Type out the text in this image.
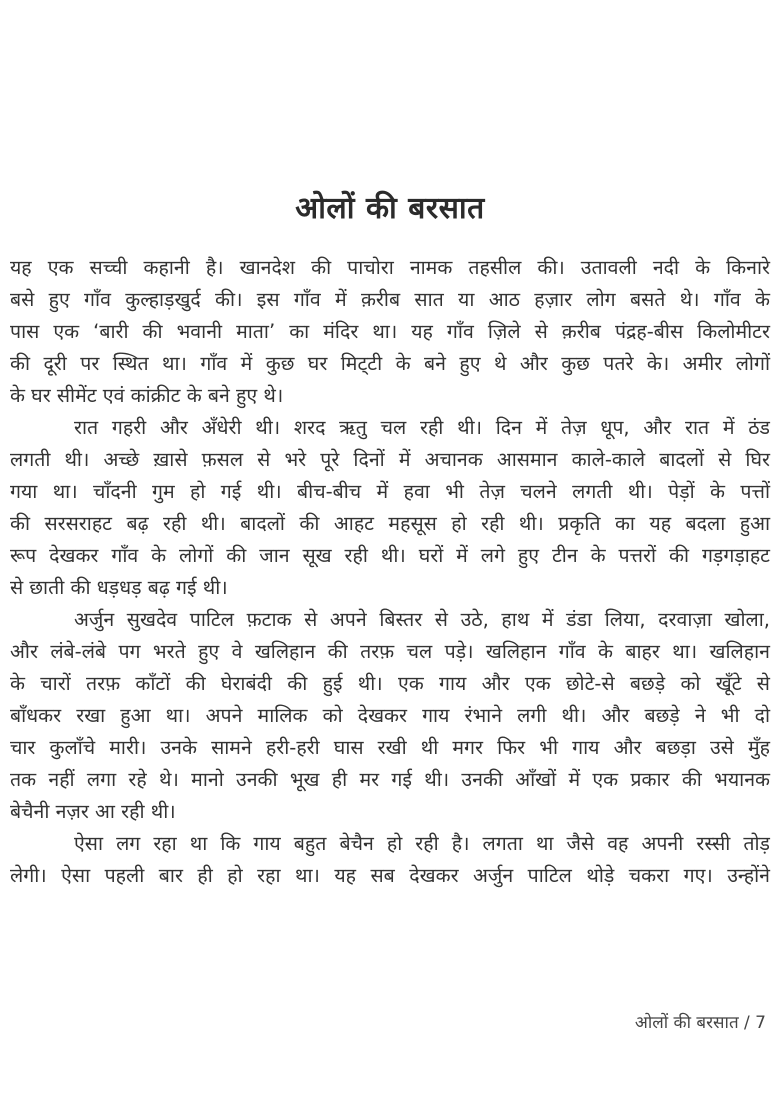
ओलों की बरसात
यह एक सच्ची कहानी है। खानदेश की पाचोरा नामक तहसील की। उतावली नदी के किनारे
बसे हुए गाँव कुल्हाड़खुर्द की। इस गाँव में क़रीब सात या आठ हज़ार लोग बसते थे। गाँव के
पास एक ‘बारी की भवानी माता’ का मंदिर था। यह गाँव ज़िले से क़रीब पंद्रह-बीस किलोमीटर
की दूरी पर स्थित था। गाँव में कुछ घर मिट्‌टी के बने हुए थे और कुछ पतरे के। अमीर लोगों
के घर सीमेंट एवं कांक्रीट के बने हुए थे।
रात गहरी और अँधेरी थी। शरद ऋतु चल रही थी। दिन में तेज़ धूप, और रात में ठंड
लगती थी। अच्छे ख़ासे फ़सल से भरे पूरे दिनों में अचानक आसमान काले-काले बादलों से घिर
गया था। चाँदनी गुम हो गई थी। बीच-बीच में हवा भी तेज़ चलने लगती थी। पेड़ों के पत्तों
की सरसराहट बढ़ रही थी। बादलों की आहट महसूस हो रही थी। प्रकृति का यह बदला हुआ
रूप देखकर गाँव के लोगों की जान सूख रही थी। घरों में लगे हुए टीन के पत्तरों की गड़गड़ाहट
से छाती की धड़धड़ बढ़ गई थी।
अर्जुन सुखदेव पाटिल फ़टाक से अपने बिस्तर से उठे, हाथ में डंडा लिया, दरवाज़ा खोला,
और लंबे-लंबे पग भरते हुए वे खलिहान की तरफ़ चल पड़े। खलिहान गाँव के बाहर था। खलिहान
के चारों तरफ़ काँटों की घेराबंदी की हुई थी। एक गाय और एक छोटे-से बछड़े को खूँटे से
बाँधकर रखा हुआ था। अपने मालिक को देखकर गाय रंभाने लगी थी। और बछड़े ने भी दो
चार कुलाँचे मारी। उनके सामने हरी-हरी घास रखी थी मगर फिर भी गाय और बछड़ा उसे मुँह
तक नहीं लगा रहे थे। मानो उनकी भूख ही मर गई थी। उनकी आँखों में एक प्रकार की भयानक
बेचैनी नज़र आ रही थी।
ऐसा लग रहा था कि गाय बहुत बेचैन हो रही है। लगता था जैसे वह अपनी रस्सी तोड़
लेगी। ऐसा पहली बार ही हो रहा था। यह सब देखकर अर्जुन पाटिल थोड़े चकरा गए। उन्होंने
ओलों की बरसात / 7
